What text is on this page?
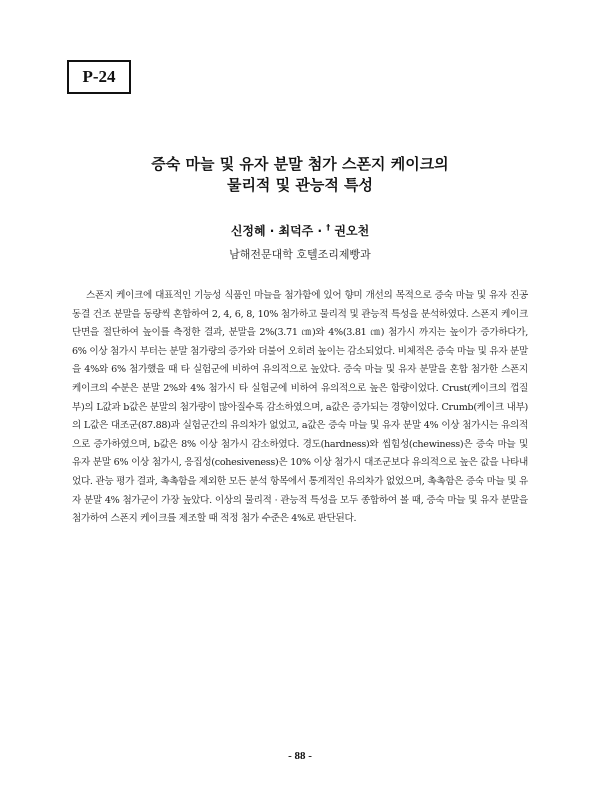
P-24
증숙 마늘 및 유자 분말 첨가 스폰지 케이크의
물리적 및 관능적 특성
신정혜 · 최덕주 · † 권오천
남해전문대학 호텔조리제빵과

스폰지 케이크에 대표적인 기능성 식품인 마늘을 첨가함에 있어 향미 개선의 목적으로 증숙 마늘 및 유자 진공 동결 건조 분말을 동량씩 혼합하여 2, 4, 6, 8, 10% 첨가하고 물리적 및 관능적 특성을 분석하였다. 스폰지 케이크 단면을 절단하여 높이를 측정한 결과, 분말을 2%(3.71 ㎝)와 4%(3.81 ㎝) 첨가시 까지는 높이가 증가하다가, 6% 이상 첨가시 부터는 분말 첨가량의 증가와 더불어 오히려 높이는 감소되었다. 비체적은 증숙 마늘 및 유자 분말을 4%와 6% 첨가했을 때 타 실험군에 비하여 유의적으로 높았다. 증숙 마늘 및 유자 분말을 혼합 첨가한 스폰지 케이크의 수분은 분말 2%와 4% 첨가시 타 실험군에 비하여 유의적으로 높은 함량이었다. Crust(케이크의 껍질부)의 L값과 b값은 분말의 첨가량이 많아질수록 감소하였으며, a값은 증가되는 경향이었다. Crumb(케이크 내부)의 L값은 대조군(87.88)과 실험군간의 유의차가 없었고, a값은 증숙 마늘 및 유자 분말 4% 이상 첨가시는 유의적으로 증가하였으며, b값은 8% 이상 첨가시 감소하였다. 경도(hardness)와 씹힘성(chewiness)은 증숙 마늘 및 유자 분말 6% 이상 첨가시, 응집성(cohesiveness)은 10% 이상 첨가시 대조군보다 유의적으로 높은 값을 나타내었다. 관능 평가 결과, 촉촉함을 제외한 모든 분석 항목에서 통계적인 유의차가 없었으며, 촉촉함은 증숙 마늘 및 유자 분말 4% 첨가군이 가장 높았다. 이상의 물리적 · 관능적 특성을 모두 종합하여 볼 때, 증숙 마늘 및 유자 분말을 첨가하여 스폰지 케이크를 제조할 때 적정 첨가 수준은 4%로 판단된다.

- 88 -
